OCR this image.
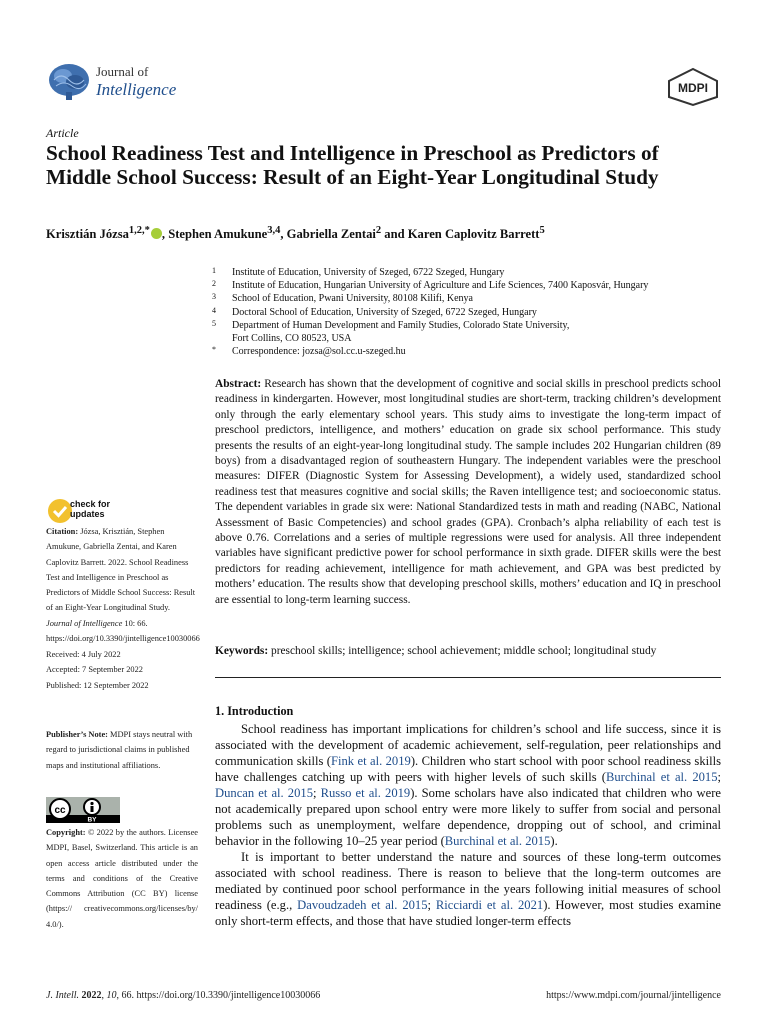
Journal of
Intelligence	MDPI
Article
School Readiness Test and Intelligence in Preschool as Predictors of Middle School Success: Result of an Eight-Year Longitudinal Study
Krisztián Józsa$^{1,2,*}$ , Stephen Amukune$^{3,4}$, Gabriella Zentai$^2$ and Karen Caplovitz Barrett$^5$
1	Institute of Education, University of Szeged, 6722 Szeged, Hungary
2	Institute of Education, Hungarian University of Agriculture and Life Sciences, 7400 Kaposvár, Hungary
3	School of Education, Pwani University, 80108 Kilifi, Kenya
4	Doctoral School of Education, University of Szeged, 6722 Szeged, Hungary
5	Department of Human Development and Family Studies, Colorado State University,
Fort Collins, CO 80523, USA
*	Correspondence: jozsa@sol.cc.u-szeged.hu
Abstract: Research has shown that the development of cognitive and social skills in preschool predicts school readiness in kindergarten. However, most longitudinal studies are short-term, tracking children’s development only through the early elementary school years. This study aims to investigate the long-term impact of preschool predictors, intelligence, and mothers’ education on grade six school performance. This study presents the results of an eight-year-long longitudinal study. The sample includes 202 Hungarian children (89 boys) from a disadvantaged region of southeastern Hungary. The independent variables were the preschool measures: DIFER (Diagnostic System for Assessing Development), a widely used, standardized school readiness test that measures cognitive and social skills; the Raven intelligence test; and socioeconomic status. The dependent variables in grade six were: National Standardized tests in math and reading (NABC, National Assessment of Basic Competencies) and school grades (GPA). Cronbach’s alpha reliability of each test is above 0.76. Correlations and a series of multiple regressions were used for analysis. All three independent variables have significant predictive power for school performance in sixth grade. DIFER skills were the best predictors for reading achievement, intelligence for math achievement, and GPA was best predicted by mothers’ education. The results show that developing preschool skills, mothers’ education and IQ in preschool are essential to long-term learning success.
Keywords: preschool skills; intelligence; school achievement; middle school; longitudinal study
check for
updates
Citation: Józsa, Krisztián, Stephen Amukune, Gabriella Zentai, and Karen Caplovitz Barrett. 2022. School Readiness Test and Intelligence in Preschool as Predictors of Middle School Success: Result of an Eight-Year Longitudinal Study. Journal of Intelligence 10: 66. https://doi.org/10.3390/jintelligence10030066
Received: 4 July 2022
Accepted: 7 September 2022
Published: 12 September 2022
Publisher’s Note: MDPI stays neutral with regard to jurisdictional claims in published maps and institutional affiliations.
cc
BY
Copyright: © 2022 by the authors. Licensee MDPI, Basel, Switzerland. This article is an open access article distributed under the terms and conditions of the Creative Commons Attribution (CC BY) license (https:// creativecommons.org/licenses/by/ 4.0/).
1. Introduction

School readiness has important implications for children’s school and life success, since it is associated with the development of academic achievement, self-regulation, peer relationships and communication skills (Fink et al. 2019). Children who start school with poor school readiness skills have challenges catching up with peers with higher levels of such skills (Burchinal et al. 2015; Duncan et al. 2015; Russo et al. 2019). Some scholars have also indicated that children who were not academically prepared upon school entry were more likely to suffer from social and personal problems such as unemployment, welfare dependence, dropping out of school, and criminal behavior in the following 10–25 year period (Burchinal et al. 2015).

It is important to better understand the nature and sources of these long-term outcomes associated with school readiness. There is reason to believe that the long-term outcomes are mediated by continued poor school performance in the years following initial measures of school readiness (e.g., Davoudzadeh et al. 2015; Ricciardi et al. 2021). However, most studies examine only short-term effects, and those that have studied longer-term effects

J. Intell. 2022, 10, 66. https://doi.org/10.3390/jintelligence10030066	https://www.mdpi.com/journal/jintelligence
